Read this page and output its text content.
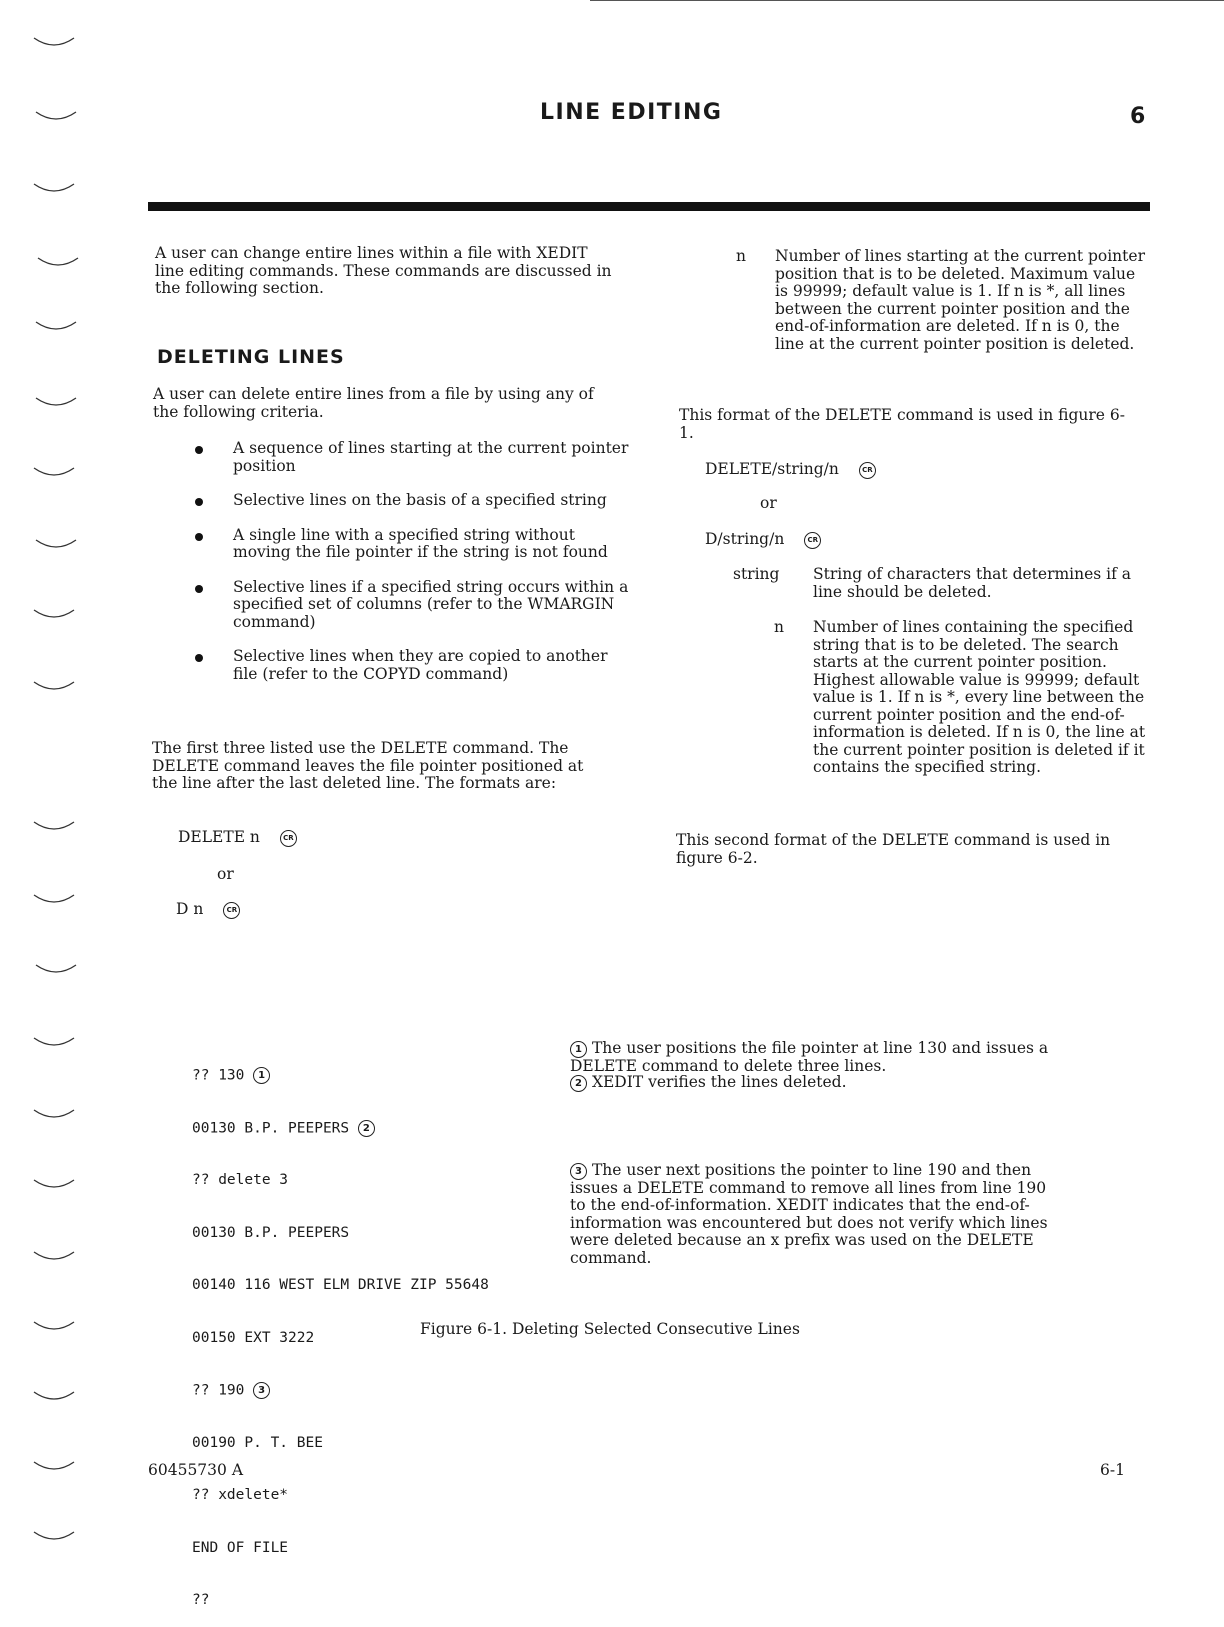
LINE EDITING	6
A user can change entire lines within a file with XEDIT line editing commands. These commands are discussed in the following section.
DELETING LINES
A user can delete entire lines from a file by using any of the following criteria.
A sequence of lines starting at the current pointer position
Selective lines on the basis of a specified string
A single line with a specified string without moving the file pointer if the string is not found
Selective lines if a specified string occurs within a specified set of columns (refer to the WMARGIN command)
Selective lines when they are copied to another file (refer to the COPYD command)
The first three listed use the DELETE command. The DELETE command leaves the file pointer positioned at the line after the last deleted line. The formats are:
DELETE n	CR
or
D n	CR
n Number of lines starting at the current pointer position that is to be deleted. Maximum value is 99999; default value is 1. If n is *, all lines between the current pointer position and the end-of-information are deleted. If n is 0, the line at the current pointer position is deleted.
This format of the DELETE command is used in figure 6-1.
DELETE/string/n	CR
or
D/string/n	CR
string String of characters that determines if a line should be deleted.
n Number of lines containing the specified string that is to be deleted. The search starts at the current pointer position. Highest allowable value is 99999; default value is 1. If n is *, every line between the current pointer position and the end-of-information is deleted. If n is 0, the line at the current pointer position is deleted if it contains the specified string.
This second format of the DELETE command is used in figure 6-2.

?? 130 1

00130 B.P. PEEPERS 2

?? delete 3

00130 B.P. PEEPERS

00140 116 WEST ELM DRIVE ZIP 55648

00150 EXT 3222

?? 190 3

00190 P. T. BEE

?? xdelete*

END OF FILE

??

1 The user positions the file pointer at line 130 and issues a DELETE command to delete three lines.
2 XEDIT verifies the lines deleted.
3 The user next positions the pointer to line 190 and then issues a DELETE command to remove all lines from line 190 to the end-of-information. XEDIT indicates that the end-of-information was encountered but does not verify which lines were deleted because an x prefix was used on the DELETE command.
Figure 6-1. Deleting Selected Consecutive Lines
60455730 A	6-1
